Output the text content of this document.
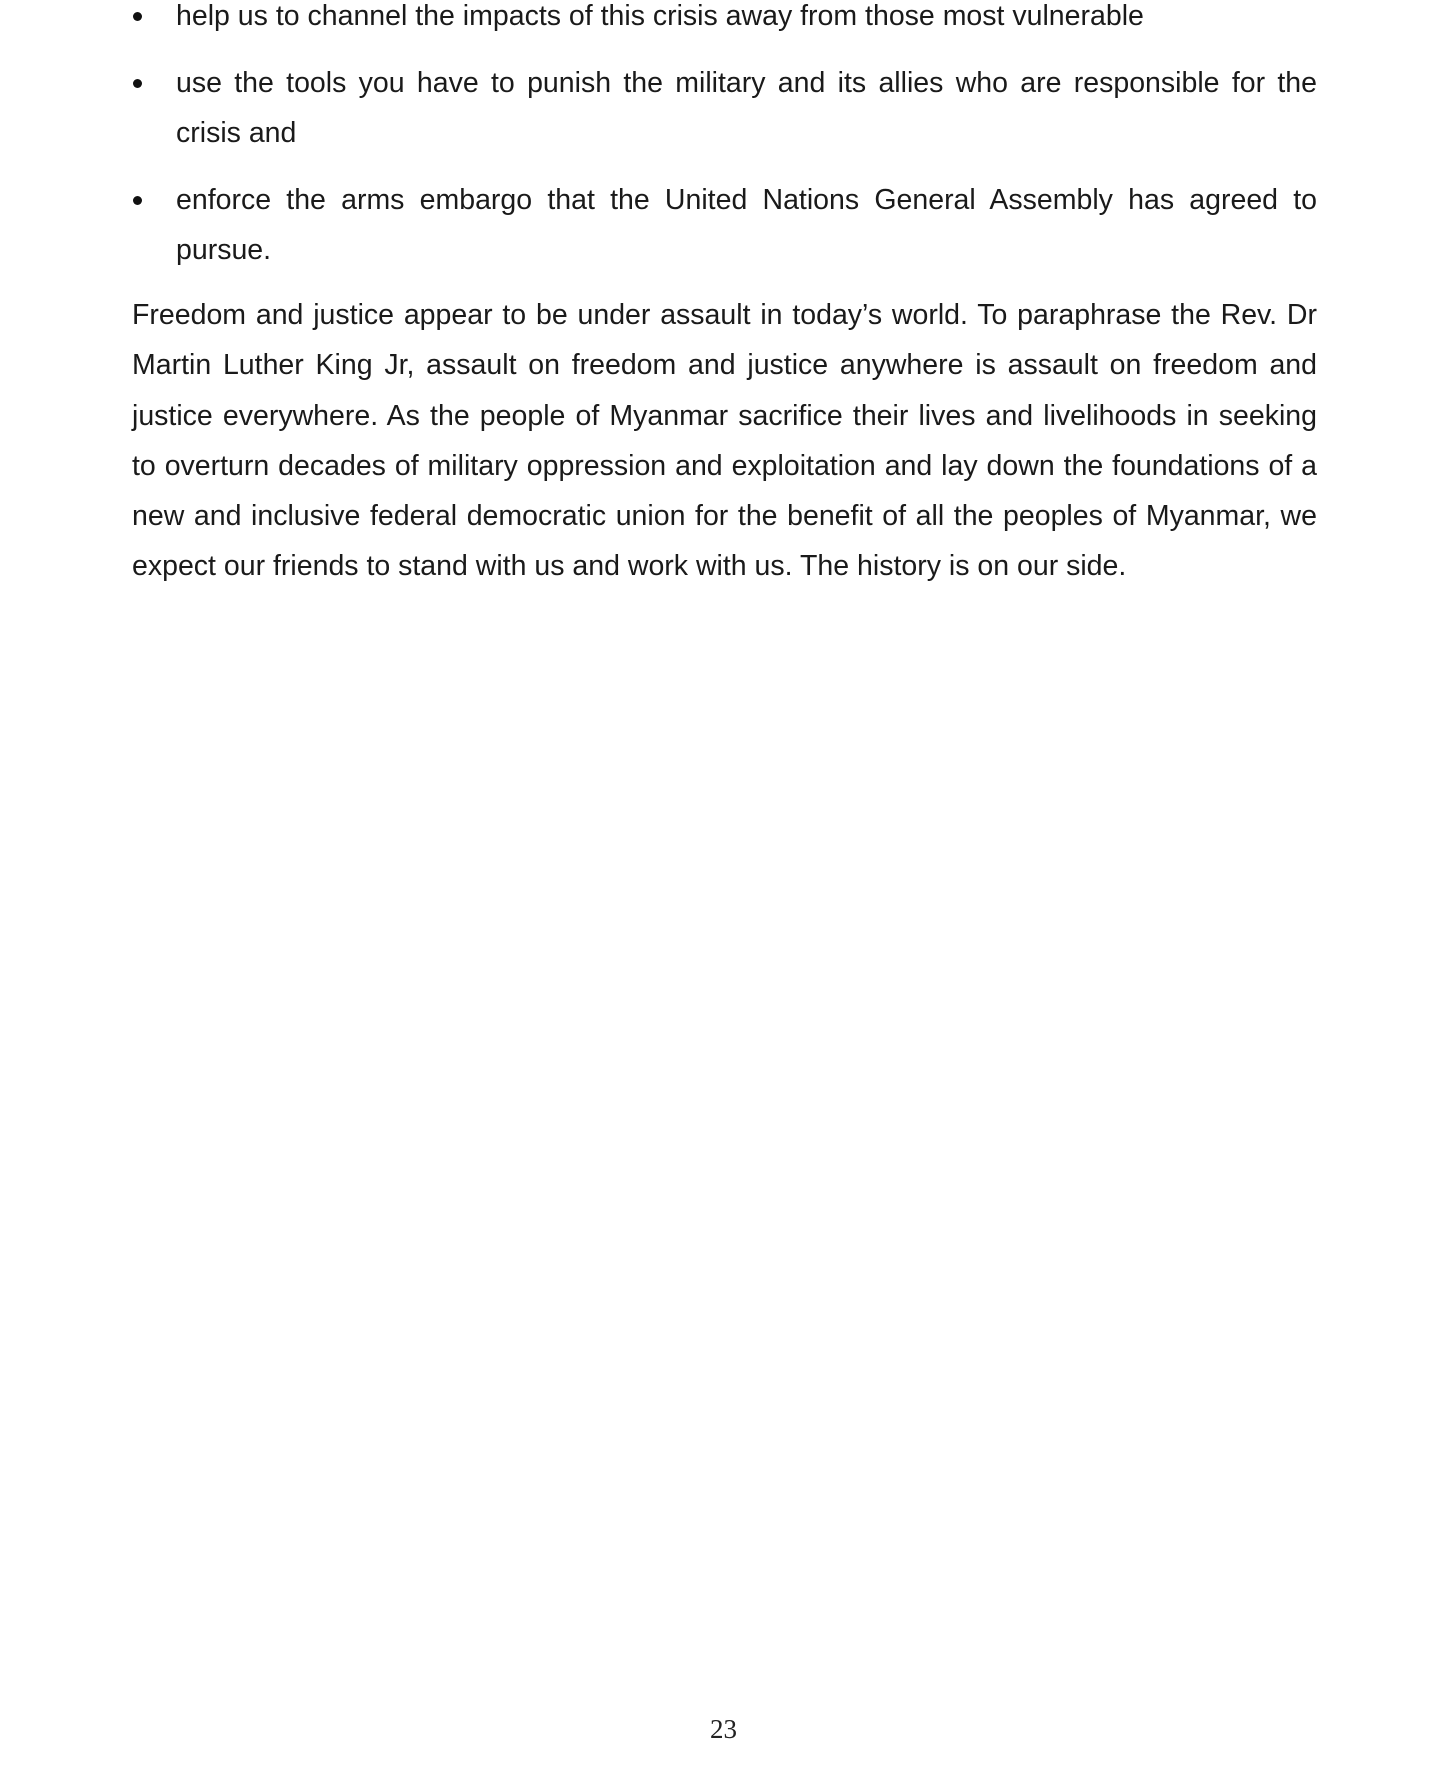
help us to channel the impacts of this crisis away from those most vulnerable
use the tools you have to punish the military and its allies who are responsible for the crisis and
enforce the arms embargo that the United Nations General Assembly has agreed to pursue.

Freedom and justice appear to be under assault in today’s world. To paraphrase the Rev. Dr Martin Luther King Jr, assault on freedom and justice anywhere is assault on freedom and justice everywhere. As the people of Myanmar sacrifice their lives and livelihoods in seeking to overturn decades of military oppression and exploitation and lay down the foundations of a new and inclusive federal democratic union for the benefit of all the peoples of Myanmar, we expect our friends to stand with us and work with us. The history is on our side.

23
